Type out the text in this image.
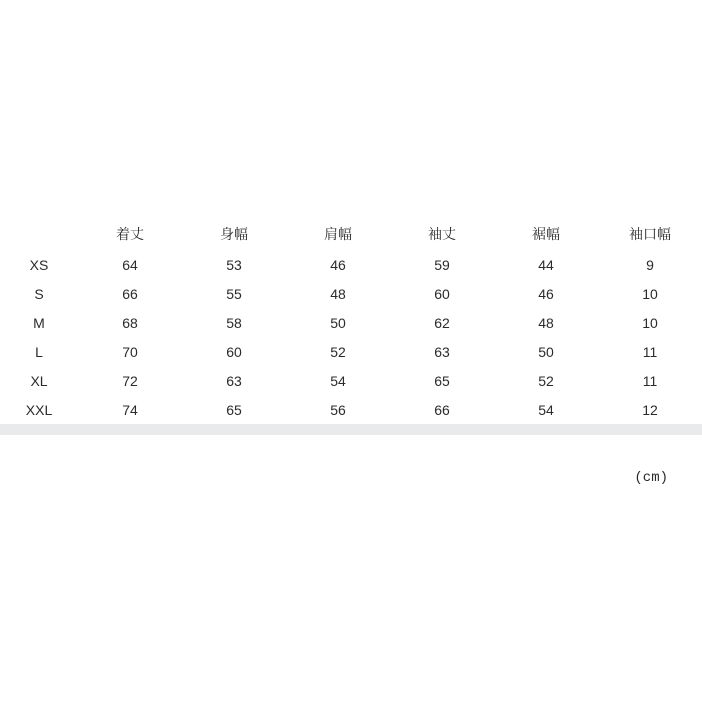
	着丈	身幅	肩幅	袖丈	裾幅	袖口幅
XS	64	53	46	59	44	9
S	66	55	48	60	46	10
M	68	58	50	62	48	10
L	70	60	52	63	50	11
XL	72	63	54	65	52	11
XXL	74	65	56	66	54	12
(cm)
